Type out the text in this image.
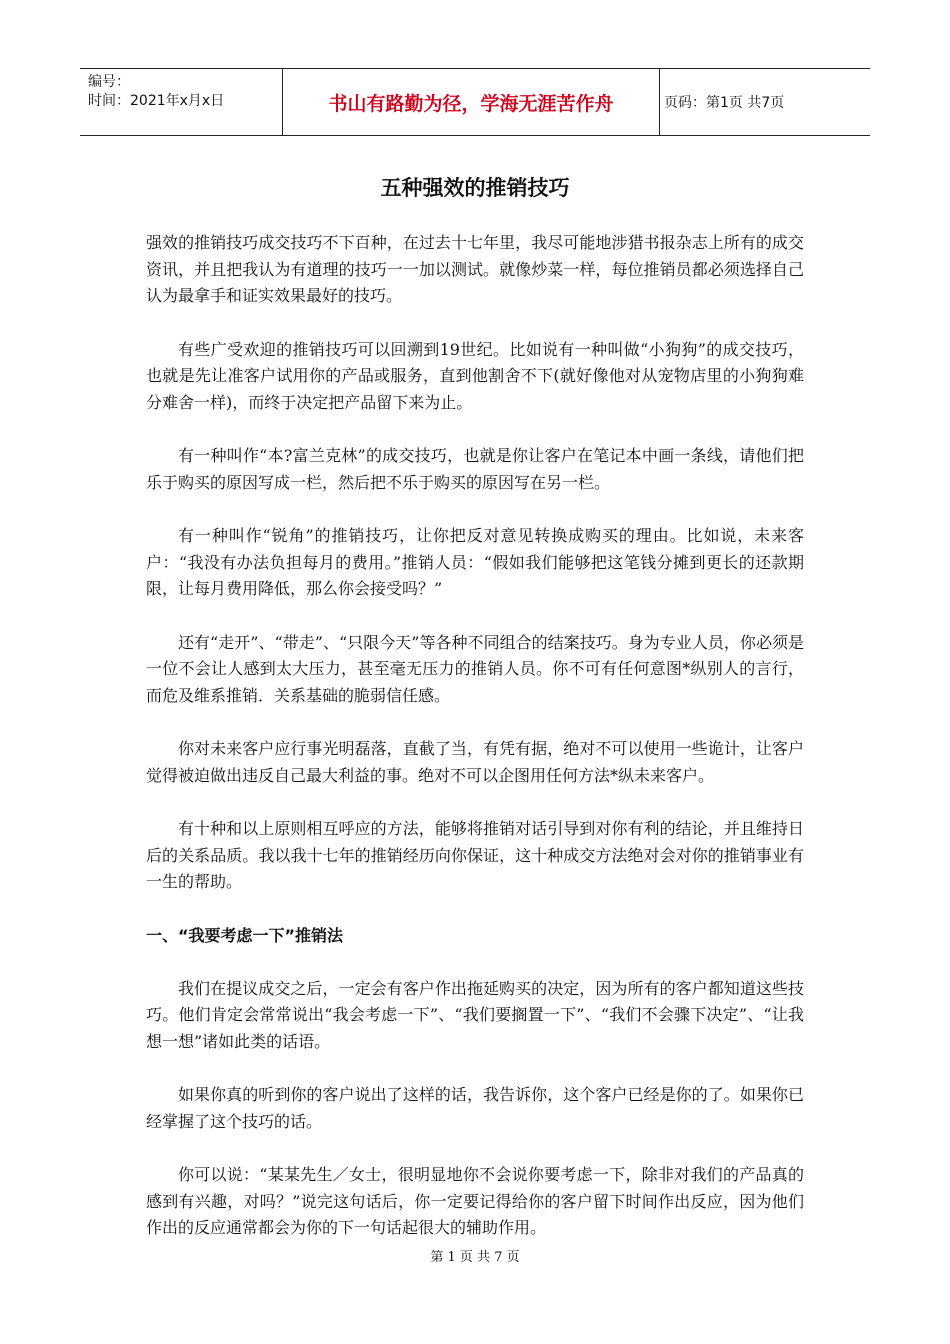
编号：
时间：2021年x月x日	书山有路勤为径，学海无涯苦作舟	页码：第1页 共7页
五种强效的推销技巧

强效的推销技巧成交技巧不下百种，在过去十七年里，我尽可能地涉猎书报杂志上所有的成交资讯，并且把我认为有道理的技巧一一加以测试。就像炒菜一样，每位推销员都必须选择自己认为最拿手和证实效果最好的技巧。

有些广受欢迎的推销技巧可以回溯到19世纪。比如说有一种叫做“小狗狗”的成交技巧，也就是先让准客户试用你的产品或服务，直到他割舍不下(就好像他对从宠物店里的小狗狗难分难舍一样)，而终于决定把产品留下来为止。

有一种叫作“本?富兰克林”的成交技巧，也就是你让客户在笔记本中画一条线，请他们把乐于购买的原因写成一栏，然后把不乐于购买的原因写在另一栏。

有一种叫作“锐角”的推销技巧，让你把反对意见转换成购买的理由。比如说，未来客户：“我没有办法负担每月的费用。”推销人员：“假如我们能够把这笔钱分摊到更长的还款期限，让每月费用降低，那么你会接受吗？”

还有“走开”、“带走”、“只限今天”等各种不同组合的结案技巧。身为专业人员，你必须是一位不会让人感到太大压力，甚至毫无压力的推销人员。你不可有任何意图*纵别人的言行，而危及维系推销．关系基础的脆弱信任感。

你对未来客户应行事光明磊落，直截了当，有凭有据，绝对不可以使用一些诡计，让客户觉得被迫做出违反自己最大利益的事。绝对不可以企图用任何方法*纵未来客户。

有十种和以上原则相互呼应的方法，能够将推销对话引导到对你有利的结论，并且维持日后的关系品质。我以我十七年的推销经历向你保证，这十种成交方法绝对会对你的推销事业有一生的帮助。

一、“我要考虑一下”推销法

我们在提议成交之后，一定会有客户作出拖延购买的决定，因为所有的客户都知道这些技巧。他们肯定会常常说出“我会考虑一下”、“我们要搁置一下”、“我们不会骤下决定”、“让我想一想”诸如此类的话语。

如果你真的听到你的客户说出了这样的话，我告诉你，这个客户已经是你的了。如果你已经掌握了这个技巧的话。

你可以说：“某某先生／女士，很明显地你不会说你要考虑一下，除非对我们的产品真的感到有兴趣，对吗？”说完这句话后，你一定要记得给你的客户留下时间作出反应，因为他们作出的反应通常都会为你的下一句话起很大的辅助作用。

第 1 页 共 7 页
